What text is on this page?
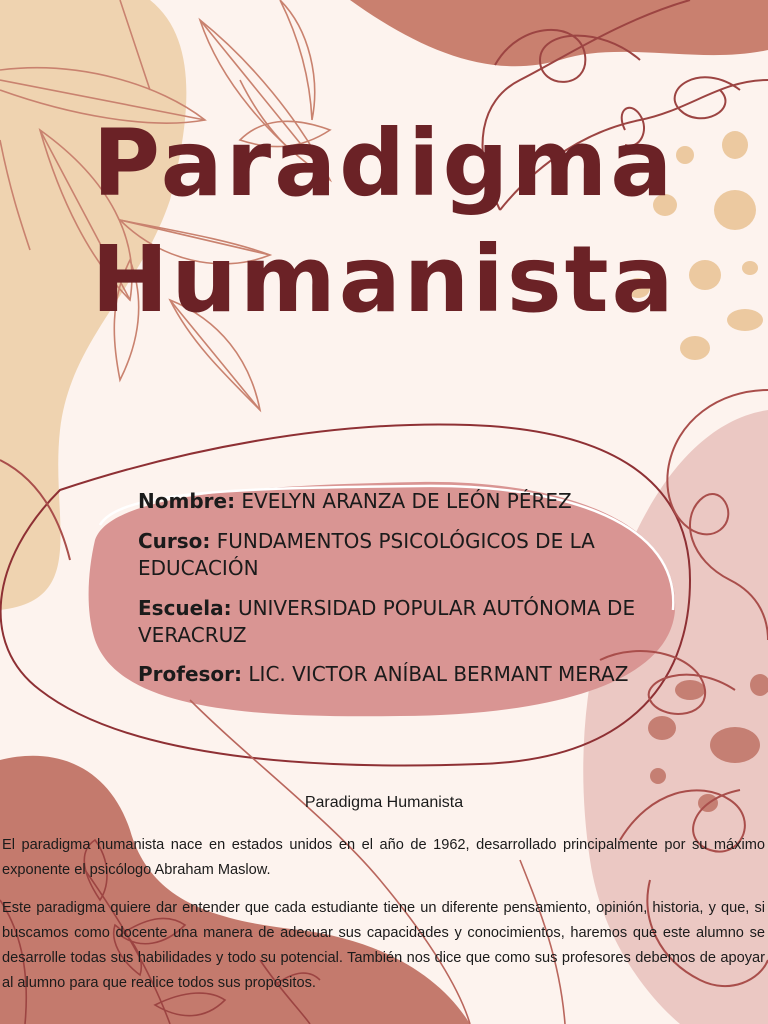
Paradigma
Humanista

Nombre: EVELYN ARANZA DE LEÓN PÉREZ

Curso: FUNDAMENTOS PSICOLÓGICOS DE LA EDUCACIÓN

Escuela: UNIVERSIDAD POPULAR AUTÓNOMA DE VERACRUZ

Profesor: LIC. VICTOR ANÍBAL BERMANT MERAZ

Paradigma Humanista

El paradigma humanista nace en estados unidos en el año de 1962, desarrollado principalmente por su máximo exponente el psicólogo Abraham Maslow.

Este paradigma quiere dar entender que cada estudiante tiene un diferente pensamiento, opinión, historia, y que, si buscamos como docente una manera de adecuar sus capacidades y conocimientos, haremos que este alumno se desarrolle todas sus habilidades y todo su potencial. También nos dice que como sus profesores debemos de apoyar al alumno para que realice todos sus propósitos.
